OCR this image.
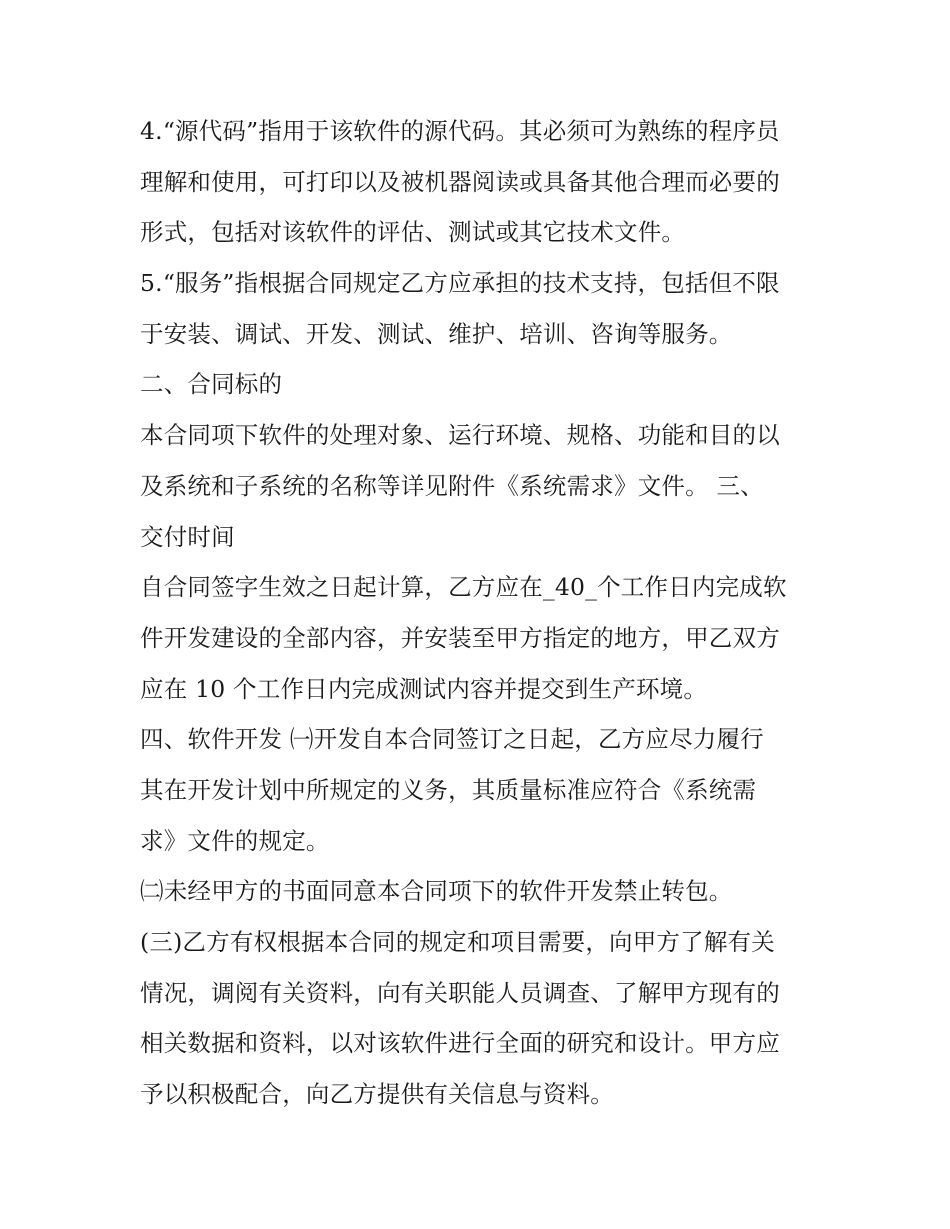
4.“源代码”指用于该软件的源代码。其必须可为熟练的程序员
理解和使用，可打印以及被机器阅读或具备其他合理而必要的
形式，包括对该软件的评估、测试或其它技术文件。
5.“服务”指根据合同规定乙方应承担的技术支持，包括但不限
于安装、调试、开发、测试、维护、培训、咨询等服务。
二、合同标的
本合同项下软件的处理对象、运行环境、规格、功能和目的以
及系统和子系统的名称等详见附件《系统需求》文件。 三、
交付时间
自合同签字生效之日起计算，乙方应在_40_个工作日内完成软
件开发建设的全部内容，并安装至甲方指定的地方，甲乙双方
应在 10 个工作日内完成测试内容并提交到生产环境。
四、软件开发 ㈠开发自本合同签订之日起，乙方应尽力履行
其在开发计划中所规定的义务，其质量标准应符合《系统需
求》文件的规定。
㈡未经甲方的书面同意本合同项下的软件开发禁止转包。
(三)乙方有权根据本合同的规定和项目需要，向甲方了解有关
情况，调阅有关资料，向有关职能人员调查、了解甲方现有的
相关数据和资料，以对该软件进行全面的研究和设计。甲方应
予以积极配合，向乙方提供有关信息与资料。
